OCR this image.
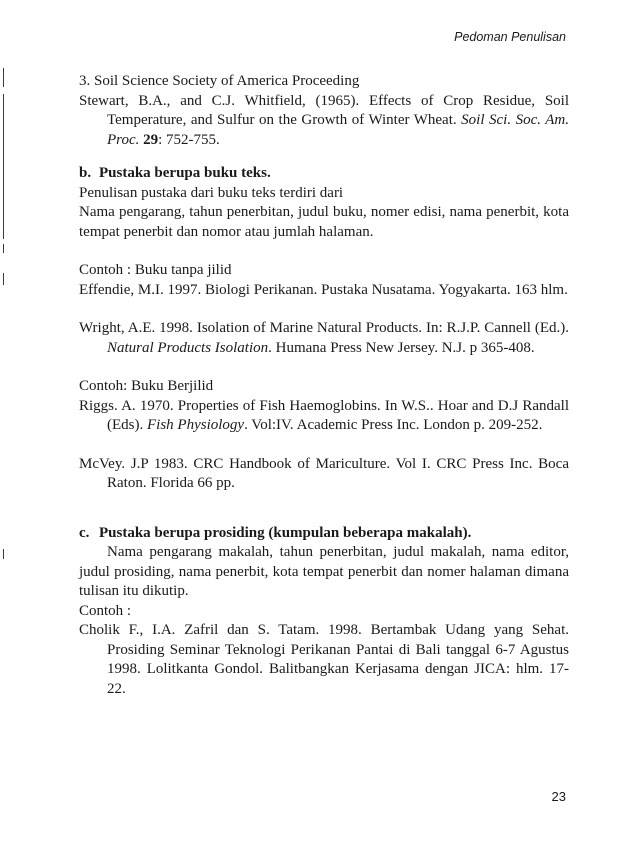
Pedoman Penulisan

3. Soil Science Society of America Proceeding

Stewart, B.A., and C.J. Whitfield, (1965). Effects of Crop Residue, Soil Temperature, and Sulfur on the Growth of Winter Wheat. Soil Sci. Soc. Am. Proc. 29: 752-755.

b. Pustaka berupa buku teks.

Penulisan pustaka dari buku teks terdiri dari

Nama pengarang, tahun penerbitan, judul buku, nomer edisi, nama penerbit, kota tempat penerbit dan nomor atau jumlah halaman.

Contoh : Buku tanpa jilid

Effendie, M.I. 1997. Biologi Perikanan. Pustaka Nusatama. Yogyakarta. 163 hlm.

Wright, A.E. 1998. Isolation of Marine Natural Products. In: R.J.P. Cannell (Ed.). Natural Products Isolation. Humana Press New Jersey. N.J. p 365-408.

Contoh: Buku Berjilid

Riggs. A. 1970. Properties of Fish Haemoglobins. In W.S.. Hoar and D.J Randall (Eds). Fish Physiology. Vol:IV. Academic Press Inc. London p. 209-252.

McVey. J.P 1983. CRC Handbook of Mariculture. Vol I. CRC Press Inc. Boca Raton. Florida 66 pp.

c. Pustaka berupa prosiding (kumpulan beberapa makalah).

Nama pengarang makalah, tahun penerbitan, judul makalah, nama editor, judul prosiding, nama penerbit, kota tempat penerbit dan nomer halaman dimana tulisan itu dikutip.

Contoh :

Cholik F., I.A. Zafril dan S. Tatam. 1998. Bertambak Udang yang Sehat. Prosiding Seminar Teknologi Perikanan Pantai di Bali tanggal 6-7 Agustus 1998. Lolitkanta Gondol. Balitbangkan Kerjasama dengan JICA: hlm. 17-22.

23
